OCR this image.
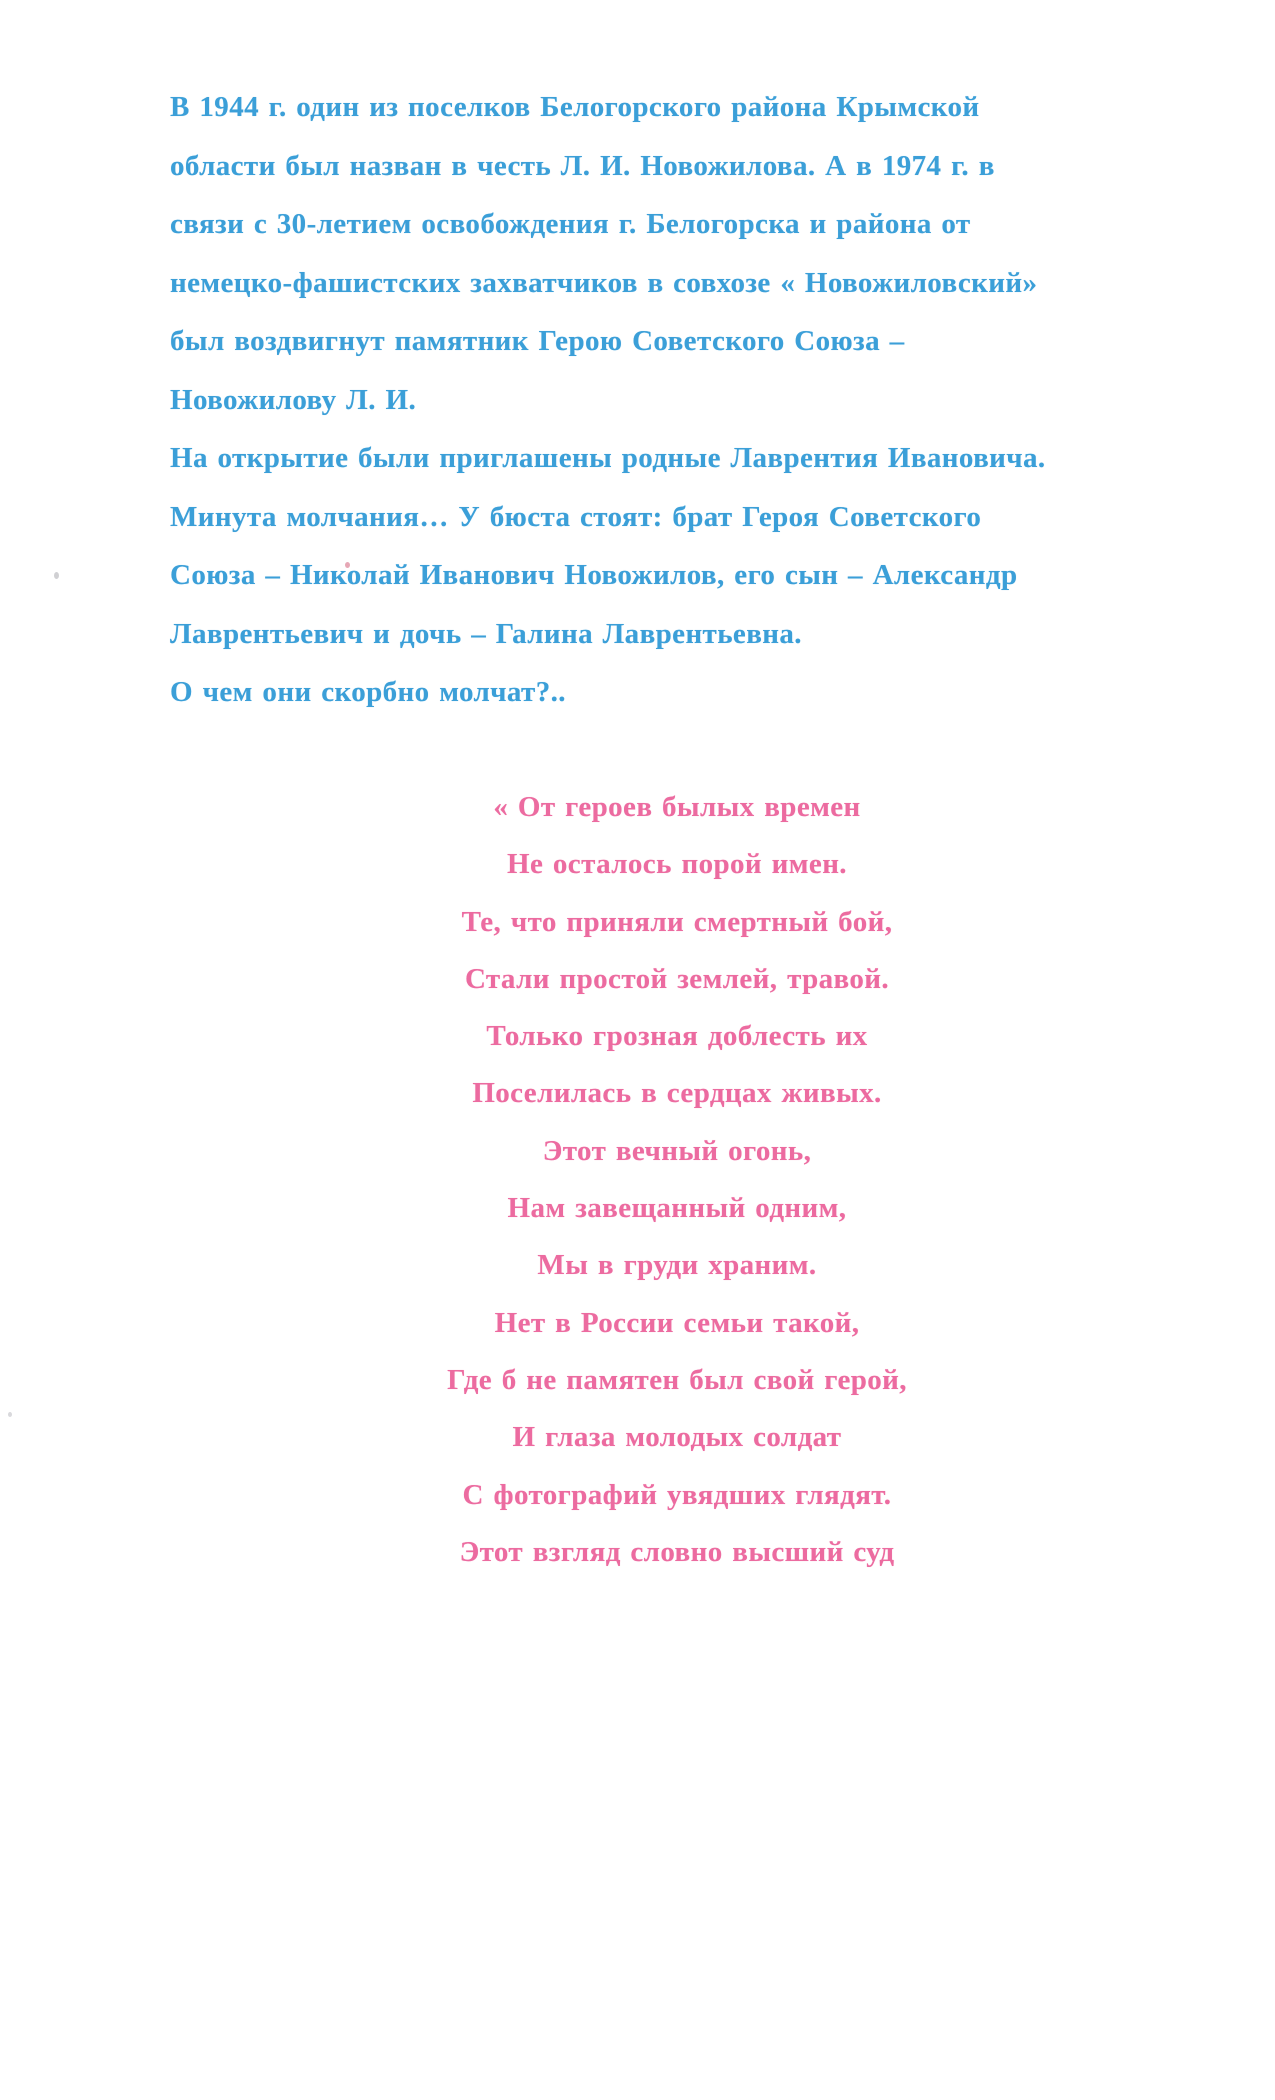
В 1944 г. один из поселков Белогорского района Крымской
области был назван в честь Л. И. Новожилова. А в 1974 г. в
связи с 30-летием освобождения г. Белогорска и района от
немецко-фашистских захватчиков в совхозе « Новожиловский»
был воздвигнут памятник Герою Советского Союза –
Новожилову Л. И.
На открытие были приглашены родные Лаврентия Ивановича.
Минута молчания… У бюста стоят: брат Героя Советского
Союза – Николай Иванович Новожилов, его сын – Александр
Лаврентьевич и дочь – Галина Лаврентьевна.
О чем они скорбно молчат?..
« От героев былых времен
Не осталось порой имен.
Те, что приняли смертный бой,
Стали простой землей, травой.
Только грозная доблесть их
Поселилась в сердцах живых.
Этот вечный огонь,
Нам завещанный одним,
Мы в груди храним.
Нет в России семьи такой,
Где б не памятен был свой герой,
И глаза молодых солдат
С фотографий увядших глядят.
Этот взгляд словно высший суд
